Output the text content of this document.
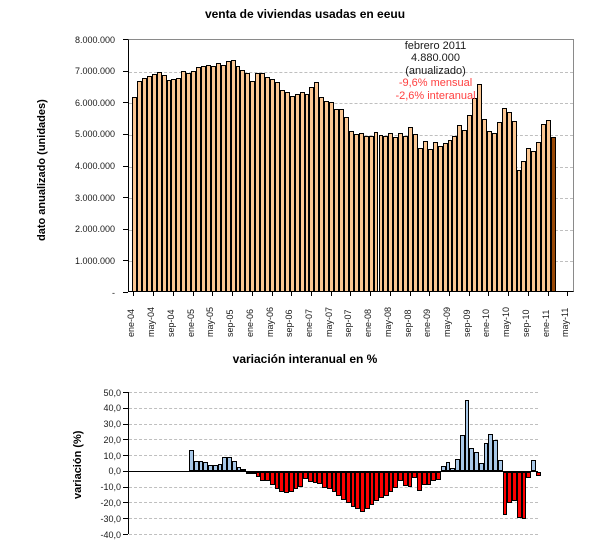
venta de viviendas usadas en eeuu
dato anualizado (unidades)
8.000.000
7.000.000
6.000.000
5.000.000
4.000.000
3.000.000
2.000.000
1.000.000
-
ene-04 may-04 sep-04 ene-05 may-05 sep-05 ene-06 may-06 sep-06 ene-07 may-07 sep-07 ene-08 may-08 sep-08 ene-09 may-09 sep-09 ene-10 may-10 sep-10 ene-11 may-11
febrero 2011
4.880.000
(anualizado)
-9,6% mensual
-2,6% interanual
variación interanual en %
variación (%)
50,0
40,0
30,0
20,0
10,0
0,0
-10,0
-20,0
-30,0
-40,0
